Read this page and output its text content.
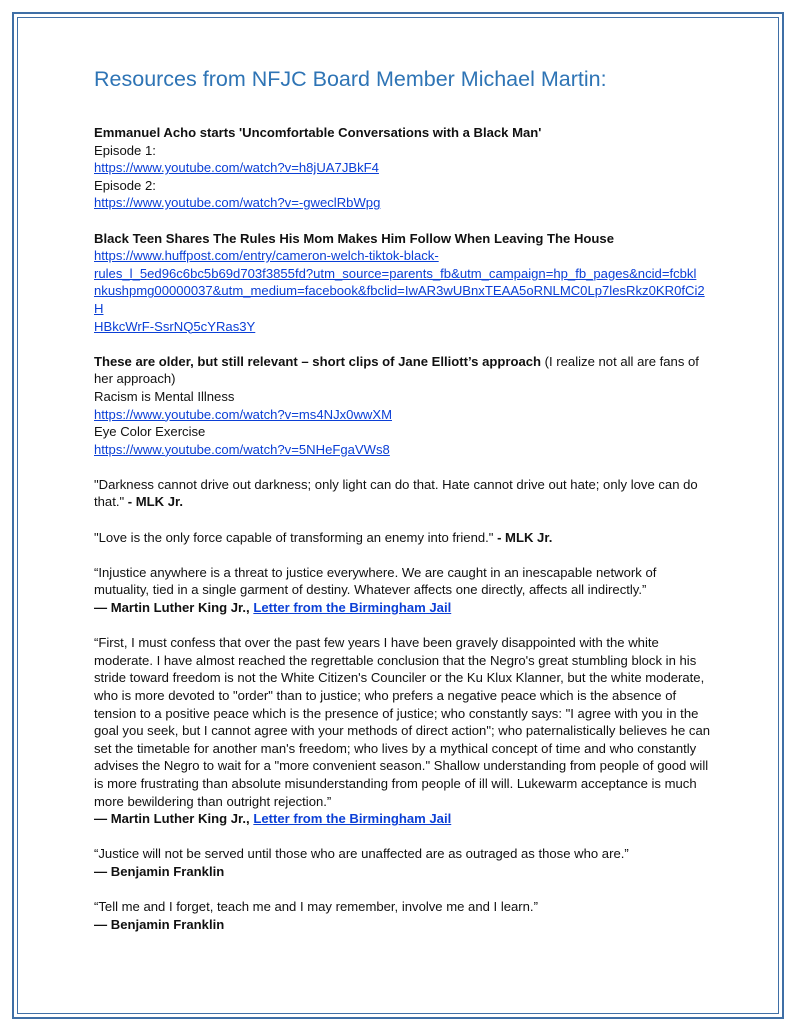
Resources from NFJC Board Member Michael Martin:

Emmanuel Acho starts 'Uncomfortable Conversations with a Black Man'
Episode 1:
https://www.youtube.com/watch?v=h8jUA7JBkF4
Episode 2:
https://www.youtube.com/watch?v=-gweclRbWpg

Black Teen Shares The Rules His Mom Makes Him Follow When Leaving The House
https://www.huffpost.com/entry/cameron-welch-tiktok-black-
rules_l_5ed96c6bc5b69d703f3855fd?utm_source=parents_fb&utm_campaign=hp_fb_pages&ncid=fcbkl
nkushpmg00000037&utm_medium=facebook&fbclid=IwAR3wUBnxTEAA5oRNLMC0Lp7lesRkz0KR0fCi2H
HBkcWrF-SsrNQ5cYRas3Y

These are older, but still relevant – short clips of Jane Elliott’s approach (I realize not all are fans of her approach)
Racism is Mental Illness
https://www.youtube.com/watch?v=ms4NJx0wwXM
Eye Color Exercise
https://www.youtube.com/watch?v=5NHeFgaVWs8

"Darkness cannot drive out darkness; only light can do that. Hate cannot drive out hate; only love can do that." - MLK Jr.

"Love is the only force capable of transforming an enemy into friend." - MLK Jr.

“Injustice anywhere is a threat to justice everywhere. We are caught in an inescapable network of mutuality, tied in a single garment of destiny. Whatever affects one directly, affects all indirectly.”
— Martin Luther King Jr., Letter from the Birmingham Jail

“First, I must confess that over the past few years I have been gravely disappointed with the white moderate. I have almost reached the regrettable conclusion that the Negro's great stumbling block in his stride toward freedom is not the White Citizen's Counciler or the Ku Klux Klanner, but the white moderate, who is more devoted to "order" than to justice; who prefers a negative peace which is the absence of tension to a positive peace which is the presence of justice; who constantly says: "I agree with you in the goal you seek, but I cannot agree with your methods of direct action"; who paternalistically believes he can set the timetable for another man's freedom; who lives by a mythical concept of time and who constantly advises the Negro to wait for a "more convenient season." Shallow understanding from people of good will is more frustrating than absolute misunderstanding from people of ill will. Lukewarm acceptance is much more bewildering than outright rejection.”
— Martin Luther King Jr., Letter from the Birmingham Jail

“Justice will not be served until those who are unaffected are as outraged as those who are.”
— Benjamin Franklin

“Tell me and I forget, teach me and I may remember, involve me and I learn.”
— Benjamin Franklin
